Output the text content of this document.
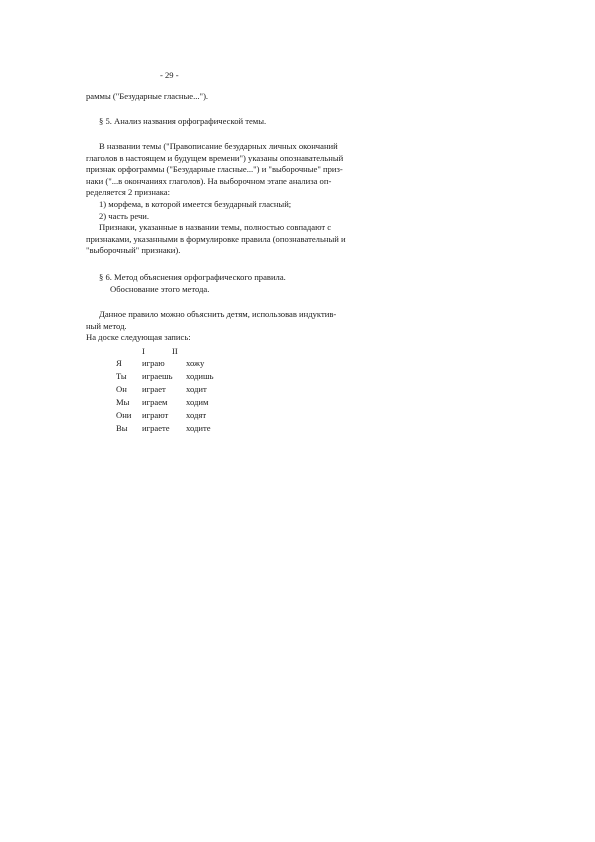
- 29 -
раммы ("Безударные гласные...").
§ 5. Анализ названия орфографической темы.
В названии темы ("Правописание безударных личных окончаний
глаголов в настоящем и будущем времени") указаны опознавательный
признак орфограммы ("Безударные гласные...") и "выборочные" приз-
наки ("...в окончаниях глаголов). На выборочном этапе анализа оп-
ределяется 2 признака:
1) морфема, в которой имеется безударный гласный;
2) часть речи.
Признаки, указанные в названии темы, полностью совпадают с
признаками, указанными в формулировке правила (опознавательный и
"выборочный" признаки).
§ 6. Метод объяснения орфографического правила.
Обоснование этого метода.
Данное правило можно объяснить детям, использовав индуктив-
ный метод.
На доске следующая запись:
I	II
Я играю хожу
Ты играешь ходишь
Он играет ходит
Мы играем ходим
Они играют ходят
Вы играете ходите
